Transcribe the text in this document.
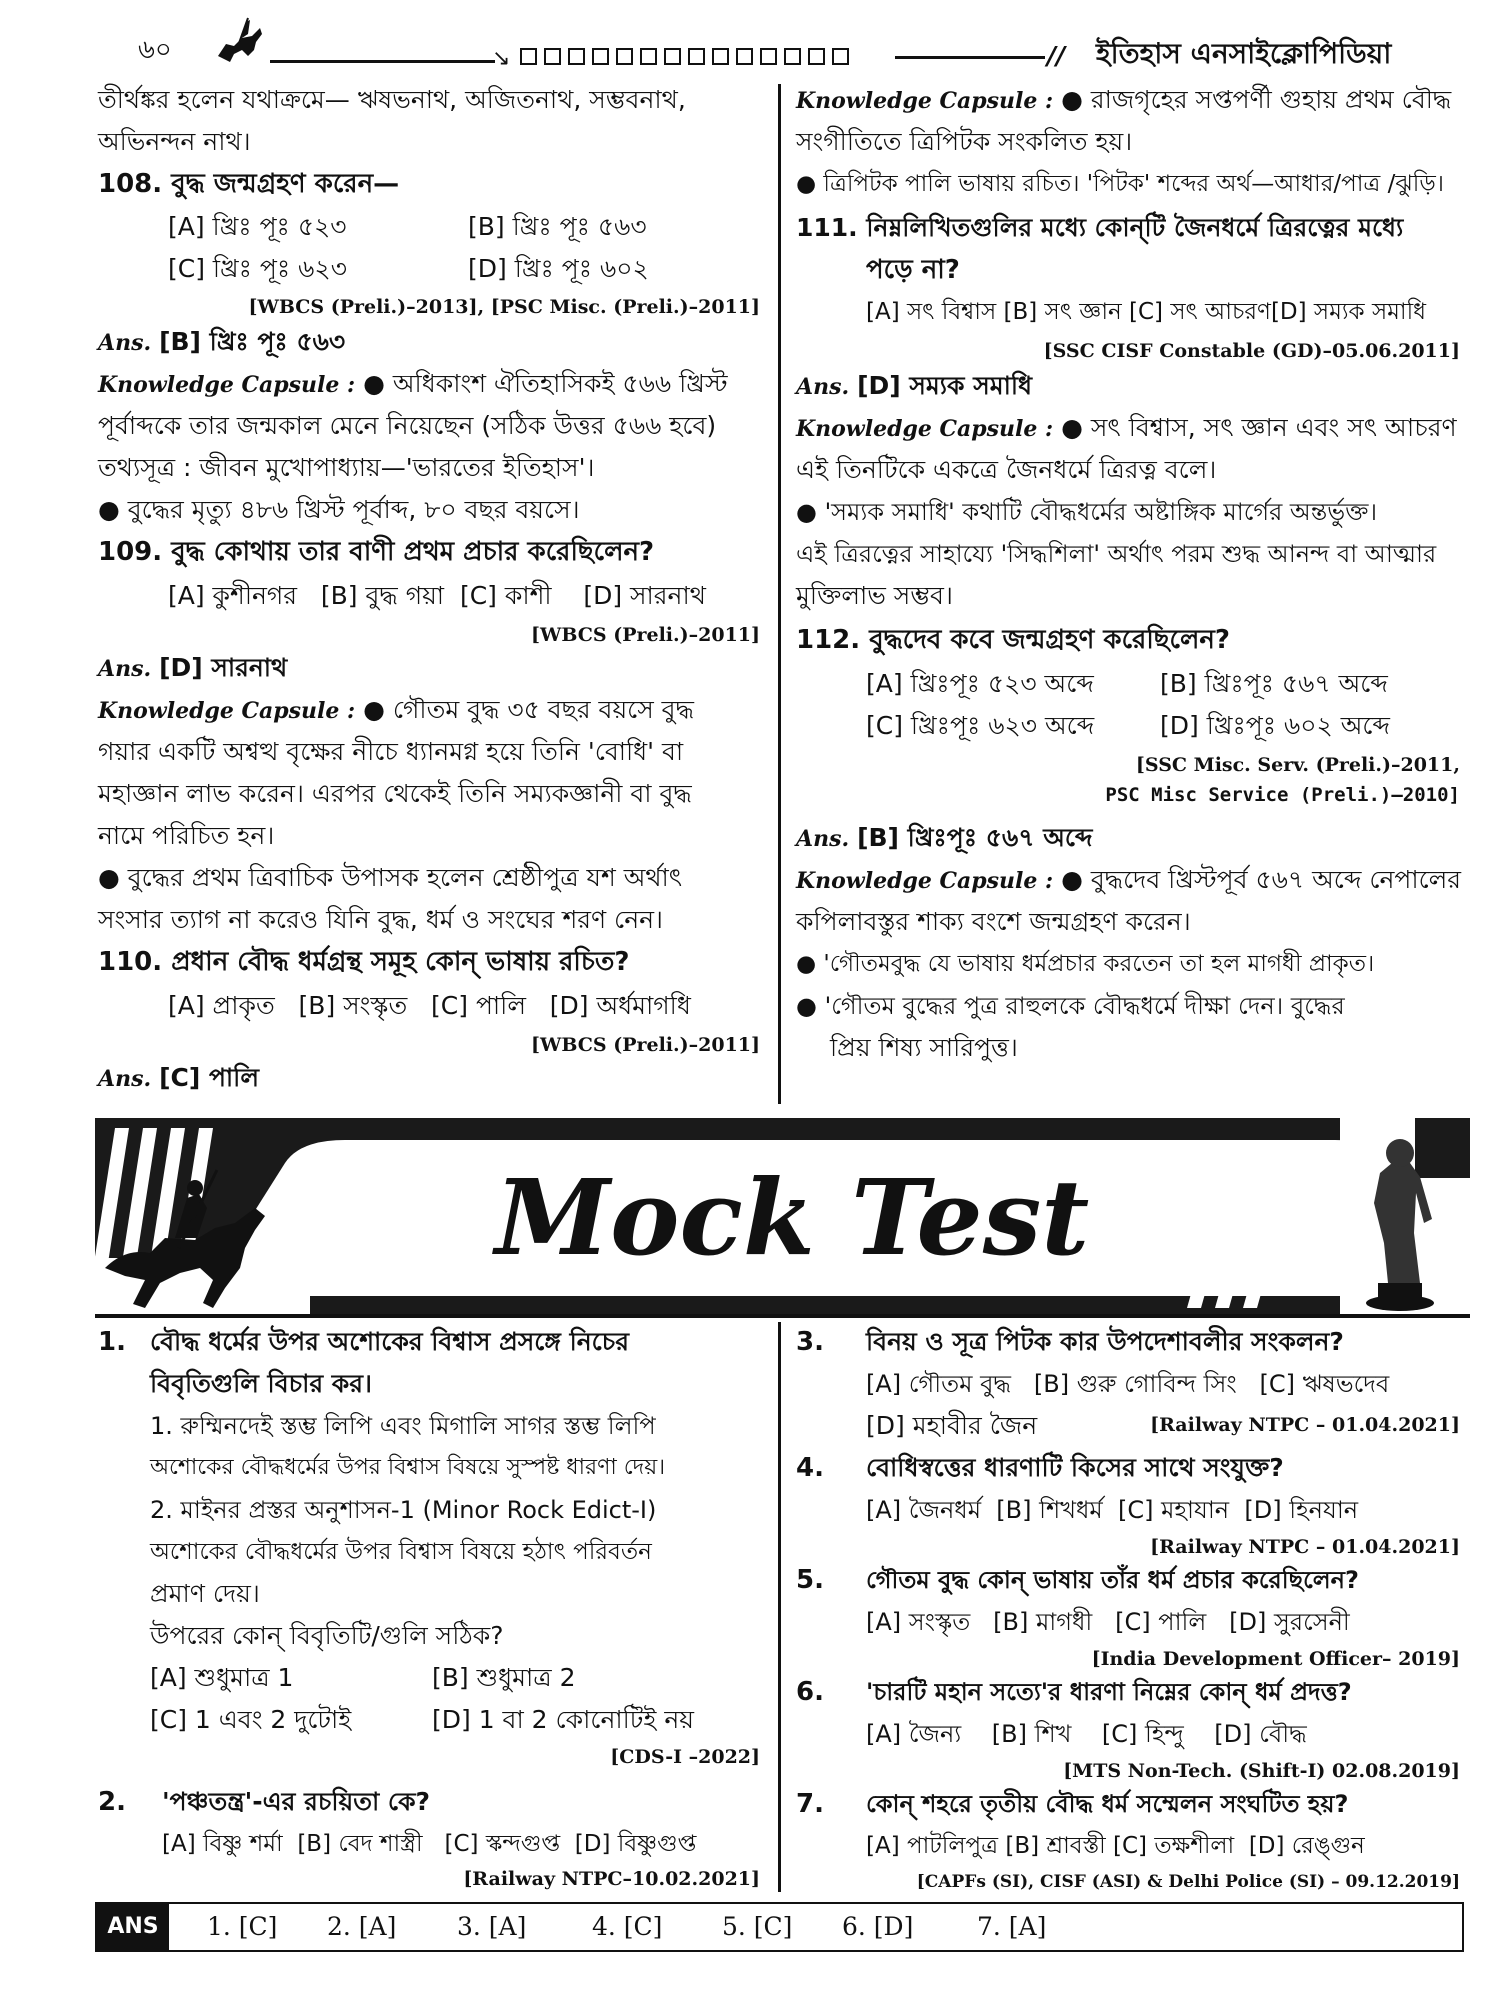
৬০	↘	// ইতিহাস এনসাইক্লোপিডিয়া
তীর্থঙ্কর হলেন যথাক্রমে— ঋষভনাথ, অজিতনাথ, সম্ভবনাথ,
অভিনন্দন নাথ।
108. বুদ্ধ জন্মগ্রহণ করেন—
[A] খ্রিঃ পূঃ ৫২৩	[B] খ্রিঃ পূঃ ৫৬৩
[C] খ্রিঃ পূঃ ৬২৩	[D] খ্রিঃ পূঃ ৬০২
[WBCS (Preli.)–2013], [PSC Misc. (Preli.)–2011]
Ans. [B] খ্রিঃ পূঃ ৫৬৩
Knowledge Capsule : ● অধিকাংশ ঐতিহাসিকই ৫৬৬ খ্রিস্ট
পূর্বাব্দকে তার জন্মকাল মেনে নিয়েছেন (সঠিক উত্তর ৫৬৬ হবে)
তথ্যসূত্র : জীবন মুখোপাধ্যায়—'ভারতের ইতিহাস'।
● বুদ্ধের মৃত্যু ৪৮৬ খ্রিস্ট পূর্বাব্দ, ৮০ বছর বয়সে।
109. বুদ্ধ কোথায় তার বাণী প্রথম প্রচার করেছিলেন?
[A] কুশীনগর   [B] বুদ্ধ গয়া  [C] কাশী    [D] সারনাথ
[WBCS (Preli.)–2011]
Ans. [D] সারনাথ
Knowledge Capsule : ● গৌতম বুদ্ধ ৩৫ বছর বয়সে বুদ্ধ
গয়ার একটি অশ্বত্থ বৃক্ষের নীচে ধ্যানমগ্ন হয়ে তিনি 'বোধি' বা
মহাজ্ঞান লাভ করেন। এরপর থেকেই তিনি সম্যকজ্ঞানী বা বুদ্ধ
নামে পরিচিত হন।
● বুদ্ধের প্রথম ত্রিবাচিক উপাসক হলেন শ্রেষ্ঠীপুত্র যশ অর্থাৎ
সংসার ত্যাগ না করেও যিনি বুদ্ধ, ধর্ম ও সংঘের শরণ নেন।
110. প্রধান বৌদ্ধ ধর্মগ্রন্থ সমূহ কোন্ ভাষায় রচিত?
[A] প্রাকৃত   [B] সংস্কৃত   [C] পালি   [D] অর্ধমাগধি
[WBCS (Preli.)–2011]
Ans. [C] পালি
Knowledge Capsule : ● রাজগৃহের সপ্তপর্ণী গুহায় প্রথম বৌদ্ধ
সংগীতিতে ত্রিপিটক সংকলিত হয়।
● ত্রিপিটক পালি ভাষায় রচিত। 'পিটক' শব্দের অর্থ—আধার/পাত্র /ঝুড়ি।
111. নিম্নলিখিতগুলির মধ্যে কোন্‌টি জৈনধর্মে ত্রিরত্নের মধ্যে
পড়ে না?
[A] সৎ বিশ্বাস [B] সৎ জ্ঞান [C] সৎ আচরণ[D] সম্যক সমাধি
[SSC CISF Constable (GD)–05.06.2011]
Ans. [D] সম্যক সমাধি
Knowledge Capsule : ● সৎ বিশ্বাস, সৎ জ্ঞান এবং সৎ আচরণ
এই তিনটিকে একত্রে জৈনধর্মে ত্রিরত্ন বলে।
● 'সম্যক সমাধি' কথাটি বৌদ্ধধর্মের অষ্টাঙ্গিক মার্গের অন্তর্ভুক্ত।
এই ত্রিরত্নের সাহায্যে 'সিদ্ধশিলা' অর্থাৎ পরম শুদ্ধ আনন্দ বা আত্মার
মুক্তিলাভ সম্ভব।
112. বুদ্ধদেব কবে জন্মগ্রহণ করেছিলেন?
[A] খ্রিঃপূঃ ৫২৩ অব্দে	[B] খ্রিঃপূঃ ৫৬৭ অব্দে
[C] খ্রিঃপূঃ ৬২৩ অব্দে	[D] খ্রিঃপূঃ ৬০২ অব্দে
[SSC Misc. Serv. (Preli.)–2011,
PSC Misc Service (Preli.)–2010]
Ans. [B] খ্রিঃপূঃ ৫৬৭ অব্দে
Knowledge Capsule : ● বুদ্ধদেব খ্রিস্টপূর্ব ৫৬৭ অব্দে নেপালের
কপিলাবস্তুর শাক্য বংশে জন্মগ্রহণ করেন।
● 'গৌতমবুদ্ধ যে ভাষায় ধর্মপ্রচার করতেন তা হল মাগধী প্রাকৃত।
● 'গৌতম বুদ্ধের পুত্র রাহুলকে বৌদ্ধধর্মে দীক্ষা দেন। বুদ্ধের
প্রিয় শিষ্য সারিপুত্ত।
Mock Test
1. বৌদ্ধ ধর্মের উপর অশোকের বিশ্বাস প্রসঙ্গে নিচের
বিবৃতিগুলি বিচার কর।
1. রুম্মিনদেই স্তম্ভ লিপি এবং মিগালি সাগর স্তম্ভ লিপি
অশোকের বৌদ্ধধর্মের উপর বিশ্বাস বিষয়ে সুস্পষ্ট ধারণা দেয়।
2. মাইনর প্রস্তর অনুশাসন-1 (Minor Rock Edict-I)
অশোকের বৌদ্ধধর্মের উপর বিশ্বাস বিষয়ে হঠাৎ পরিবর্তন
প্রমাণ দেয়।
উপরের কোন্ বিবৃতিটি/গুলি সঠিক?
[A] শুধুমাত্র 1	[B] শুধুমাত্র 2
[C] 1 এবং 2 দুটোই	[D] 1 বা 2 কোনোটিই নয়
[CDS-I –2022]
2. 'পঞ্চতন্ত্র'-এর রচয়িতা কে?
[A] বিষ্ণু শর্মা  [B] বেদ শাস্ত্রী   [C] স্কন্দগুপ্ত  [D] বিষ্ণুগুপ্ত
[Railway NTPC–10.02.2021]
3. বিনয় ও সূত্র পিটক কার উপদেশাবলীর সংকলন?
[A] গৌতম বুদ্ধ   [B] গুরু গোবিন্দ সিং   [C] ঋষভদেব
[D] মহাবীর জৈন	[Railway NTPC – 01.04.2021]
4. বোধিস্বত্তের ধারণাটি কিসের সাথে সংযুক্ত?
[A] জৈনধর্ম  [B] শিখধর্ম  [C] মহাযান  [D] হিনযান
[Railway NTPC – 01.04.2021]
5. গৌতম বুদ্ধ কোন্ ভাষায় তাঁর ধর্ম প্রচার করেছিলেন?
[A] সংস্কৃত   [B] মাগধী   [C] পালি   [D] সুরসেনী
[India Development Officer– 2019]
6. 'চারটি মহান সত্যে'র ধারণা নিম্নের কোন্ ধর্ম প্রদত্ত?
[A] জৈন্য    [B] শিখ    [C] হিন্দু    [D] বৌদ্ধ
[MTS Non-Tech. (Shift-I) 02.08.2019]
7. কোন্ শহরে তৃতীয় বৌদ্ধ ধর্ম সম্মেলন সংঘটিত হয়?
[A] পাটলিপুত্র [B] শ্রাবস্তী [C] তক্ষশীলা  [D] রেঙ্গুন
[CAPFs (SI), CISF (ASI) & Delhi Police (SI) – 09.12.2019]
ANS	1. [C] 2. [A] 3. [A]	4. [C] 5. [C] 6. [D]	7. [A]
